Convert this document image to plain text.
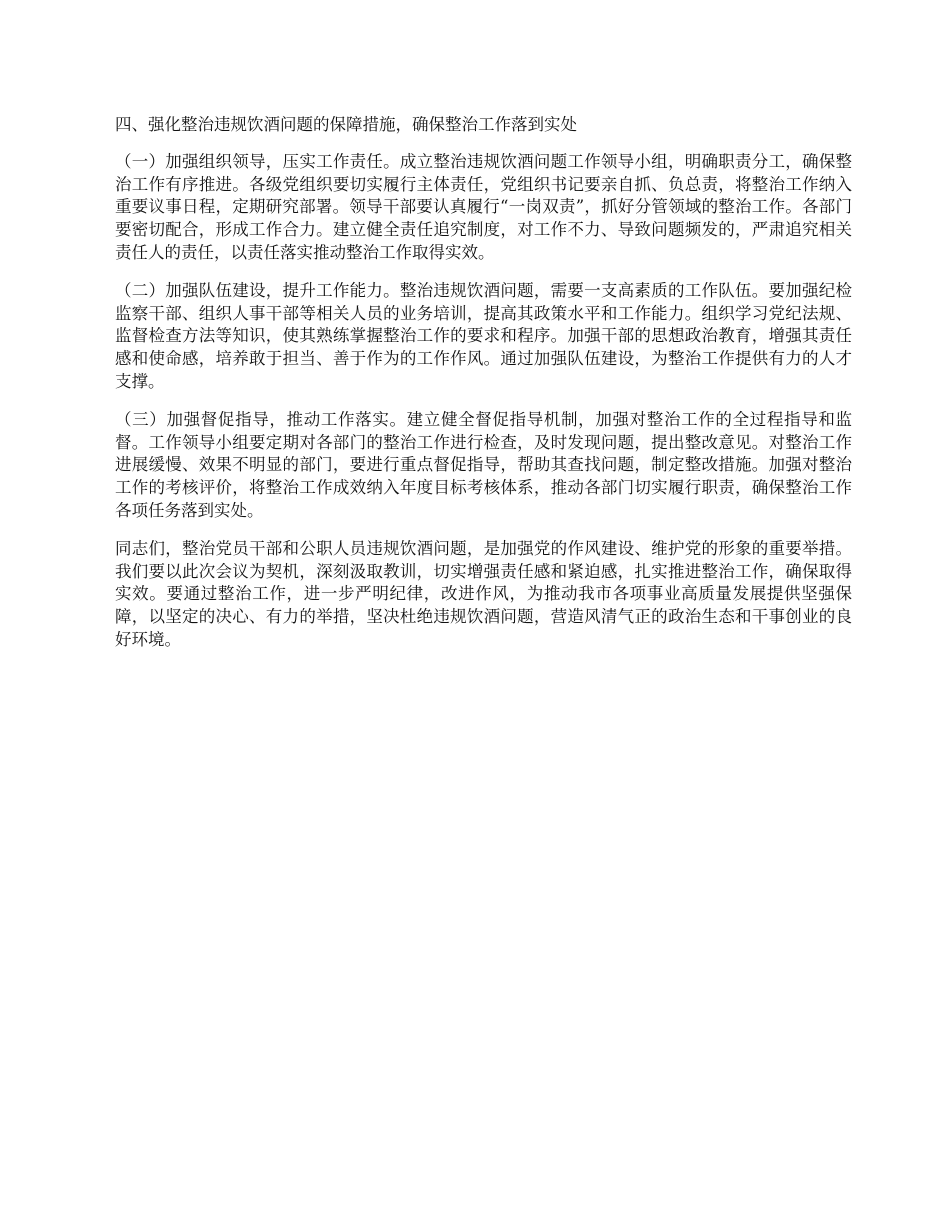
四、强化整治违规饮酒问题的保障措施，确保整治工作落到实处

（一）加强组织领导，压实工作责任。成立整治违规饮酒问题工作领导小组，明确职责分工，确保整治工作有序推进。各级党组织要切实履行主体责任，党组织书记要亲自抓、负总责，将整治工作纳入重要议事日程，定期研究部署。领导干部要认真履行“一岗双责”，抓好分管领域的整治工作。各部门要密切配合，形成工作合力。建立健全责任追究制度，对工作不力、导致问题频发的，严肃追究相关责任人的责任，以责任落实推动整治工作取得实效。

（二）加强队伍建设，提升工作能力。整治违规饮酒问题，需要一支高素质的工作队伍。要加强纪检监察干部、组织人事干部等相关人员的业务培训，提高其政策水平和工作能力。组织学习党纪法规、监督检查方法等知识，使其熟练掌握整治工作的要求和程序。加强干部的思想政治教育，增强其责任感和使命感，培养敢于担当、善于作为的工作作风。通过加强队伍建设，为整治工作提供有力的人才支撑。

（三）加强督促指导，推动工作落实。建立健全督促指导机制，加强对整治工作的全过程指导和监督。工作领导小组要定期对各部门的整治工作进行检查，及时发现问题，提出整改意见。对整治工作进展缓慢、效果不明显的部门，要进行重点督促指导，帮助其查找问题，制定整改措施。加强对整治工作的考核评价，将整治工作成效纳入年度目标考核体系，推动各部门切实履行职责，确保整治工作各项任务落到实处。

同志们，整治党员干部和公职人员违规饮酒问题，是加强党的作风建设、维护党的形象的重要举措。我们要以此次会议为契机，深刻汲取教训，切实增强责任感和紧迫感，扎实推进整治工作，确保取得实效。要通过整治工作，进一步严明纪律，改进作风，为推动我市各项事业高质量发展提供坚强保障，以坚定的决心、有力的举措，坚决杜绝违规饮酒问题，营造风清气正的政治生态和干事创业的良好环境。
